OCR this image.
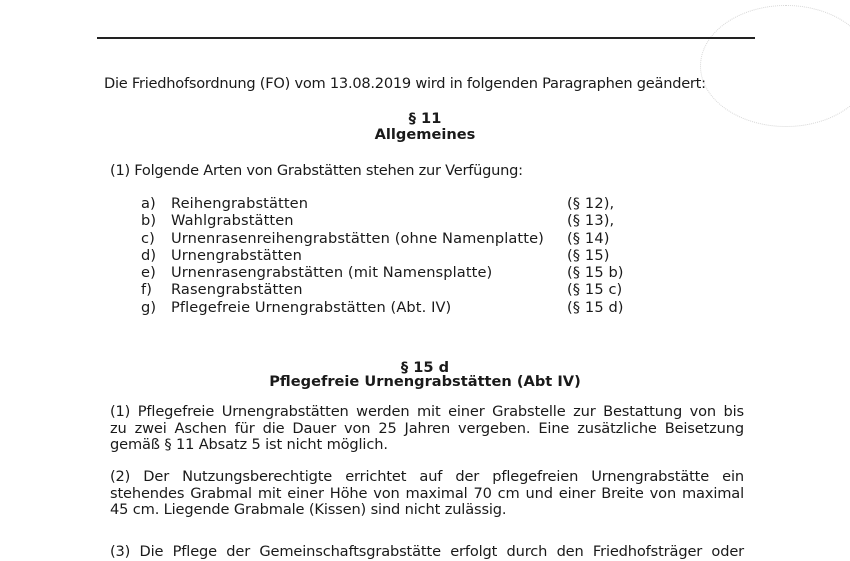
Die Friedhofsordnung (FO) vom 13.08.2019 wird in folgenden Paragraphen geändert:
§ 11
Allgemeines
(1) Folgende Arten von Grabstätten stehen zur Verfügung:
a) Reihengrabstätten	(§ 12),
b) Wahlgrabstätten	(§ 13),
c) Urnenrasenreihengrabstätten (ohne Namenplatte) (§ 14)
d) Urnengrabstätten	(§ 15)
e) Urnenrasengrabstätten (mit Namensplatte)	(§ 15 b)
f) Rasengrabstätten	(§ 15 c)
g) Pflegefreie Urnengrabstätten (Abt. IV)	(§ 15 d)
§ 15 d
Pflegefreie Urnengrabstätten (Abt IV)
(1) Pflegefreie Urnengrabstätten werden mit einer Grabstelle zur Bestattung von bis
zu zwei Aschen für die Dauer von 25 Jahren vergeben. Eine zusätzliche Beisetzung
gemäß § 11 Absatz 5 ist nicht möglich.
(2) Der Nutzungsberechtigte errichtet auf der pflegefreien Urnengrabstätte ein
stehendes Grabmal mit einer Höhe von maximal 70 cm und einer Breite von maximal
45 cm. Liegende Grabmale (Kissen) sind nicht zulässig.
(3) Die Pflege der Gemeinschaftsgrabstätte erfolgt durch den Friedhofsträger oder
